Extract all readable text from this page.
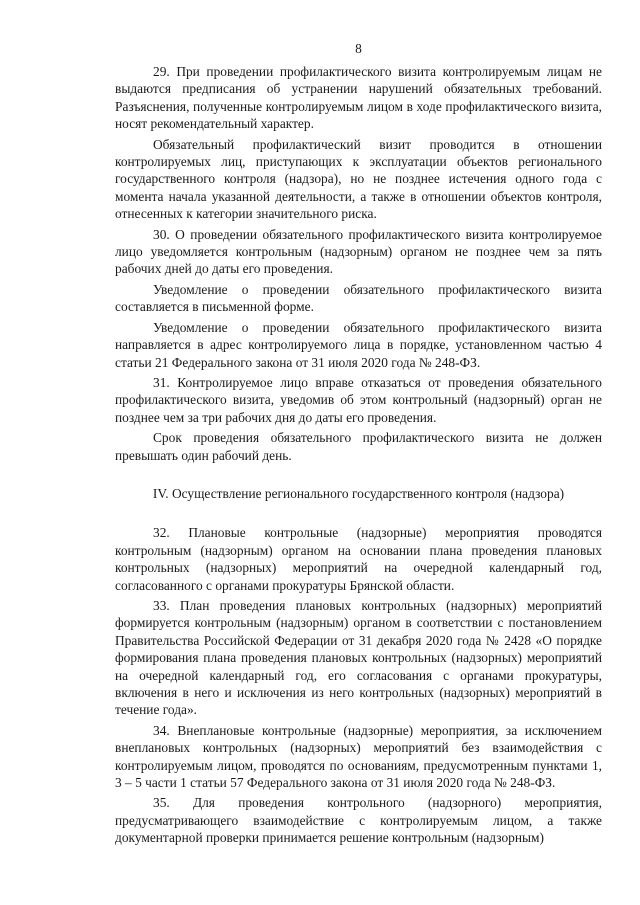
8

29. При проведении профилактического визита контролируемым лицам не выдаются предписания об устранении нарушений обязательных требований. Разъяснения, полученные контролируемым лицом в ходе профилактического визита, носят рекомендательный характер.

Обязательный профилактический визит проводится в отношении контролируемых лиц, приступающих к эксплуатации объектов регионального государственного контроля (надзора), но не позднее истечения одного года с момента начала указанной деятельности, а также в отношении объектов контроля, отнесенных к категории значительного риска.

30. О проведении обязательного профилактического визита контролируемое лицо уведомляется контрольным (надзорным) органом не позднее чем за пять рабочих дней до даты его проведения.

Уведомление о проведении обязательного профилактического визита составляется в письменной форме.

Уведомление о проведении обязательного профилактического визита направляется в адрес контролируемого лица в порядке, установленном частью 4 статьи 21 Федерального закона от 31 июля 2020 года № 248-ФЗ.

31. Контролируемое лицо вправе отказаться от проведения обязательного профилактического визита, уведомив об этом контрольный (надзорный) орган не позднее чем за три рабочих дня до даты его проведения.

Срок проведения обязательного профилактического визита не должен превышать один рабочий день.

IV. Осуществление регионального государственного контроля (надзора)

32. Плановые контрольные (надзорные) мероприятия проводятся контрольным (надзорным) органом на основании плана проведения плановых контрольных (надзорных) мероприятий на очередной календарный год, согласованного с органами прокуратуры Брянской области.

33. План проведения плановых контрольных (надзорных) мероприятий формируется контрольным (надзорным) органом в соответствии с постановлением Правительства Российской Федерации от 31 декабря 2020 года № 2428 «О порядке формирования плана проведения плановых контрольных (надзорных) мероприятий на очередной календарный год, его согласования с органами прокуратуры, включения в него и исключения из него контрольных (надзорных) мероприятий в течение года».

34. Внеплановые контрольные (надзорные) мероприятия, за исключением внеплановых контрольных (надзорных) мероприятий без взаимодействия с контролируемым лицом, проводятся по основаниям, предусмотренным пунктами 1, 3 – 5 части 1 статьи 57 Федерального закона от 31 июля 2020 года № 248-ФЗ.

35. Для проведения контрольного (надзорного) мероприятия, предусматривающего взаимодействие с контролируемым лицом, а также документарной проверки принимается решение контрольным (надзорным)
